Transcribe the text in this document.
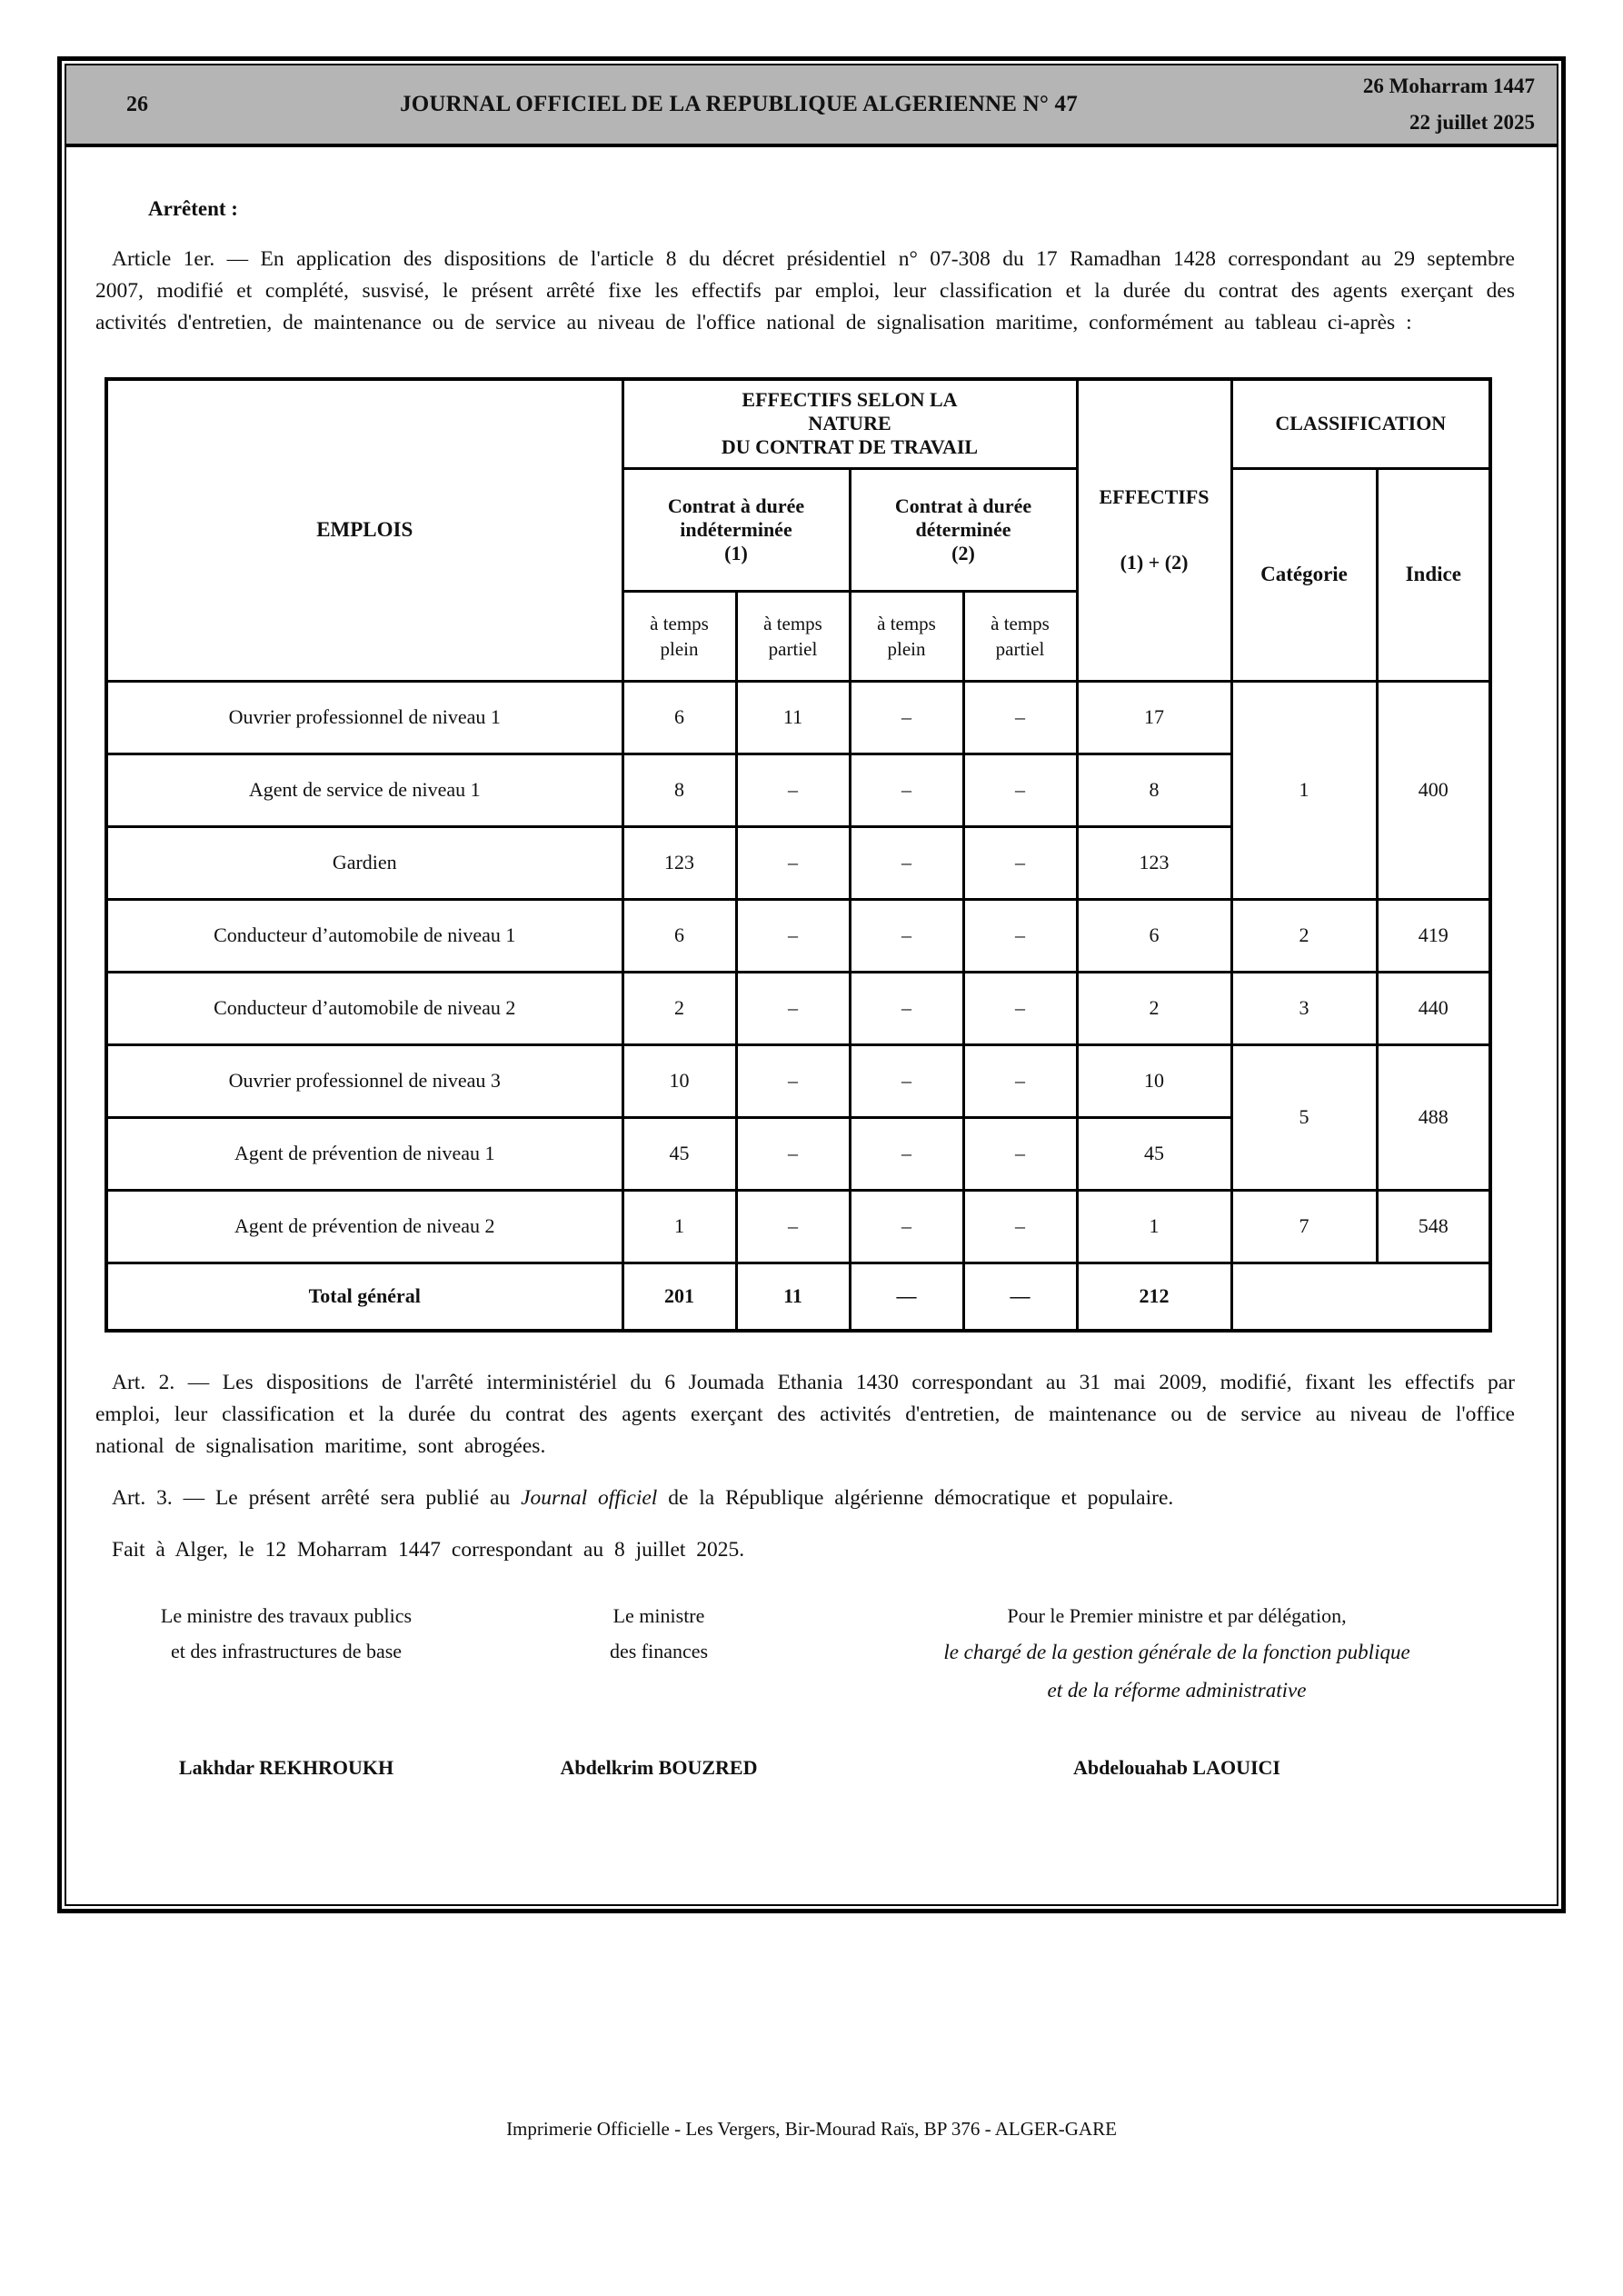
26	JOURNAL OFFICIEL DE LA REPUBLIQUE ALGERIENNE N° 47
26 Moharram 1447
22 juillet 2025

Arrêtent :

Article 1er. — En application des dispositions de l'article 8 du décret présidentiel n° 07-308 du 17 Ramadhan 1428 correspondant au 29 septembre 2007, modifié et complété, susvisé, le présent arrêté fixe les effectifs par emploi, leur classification et la durée du contrat des agents exerçant des activités d'entretien, de maintenance ou de service au niveau de l'office national de signalisation maritime, conformément au tableau ci-après :

EMPLOIS	
EFFECTIFS SELON LA NATURE
DU CONTRAT DE TRAVAIL

EFFECTIFS
(1) + (2)
	CLASSIFICATION

Contrat à durée indéterminée
(1)

Contrat à durée déterminée
(2)
	Catégorie	Indice

	à temps plein	à temps partiel	à temps plein	à temps partiel			

Ouvrier professionnel de niveau 1	6	11	–	–	17	1	400
Agent de service de niveau 1	8	–	–	–	8		
Gardien	123	–	–	–	123		
Conducteur d’automobile de niveau 1	6	–	–	–	6	2	419
Conducteur d’automobile de niveau 2	2	–	–	–	2	3	440
Ouvrier professionnel de niveau 3	10	–	–	–	10	5	488
Agent de prévention de niveau 1	45	–	–	–	45		
Agent de prévention de niveau 2	1	–	–	–	1	7	548
Total général	201	11	—	—	212		

Art. 2. — Les dispositions de l'arrêté interministériel du 6 Joumada Ethania 1430 correspondant au 31 mai 2009, modifié, fixant les effectifs par emploi, leur classification et la durée du contrat des agents exerçant des activités d'entretien, de maintenance ou de service au niveau de l'office national de signalisation maritime, sont abrogées.

Art. 3. — Le présent arrêté sera publié au Journal officiel de la République algérienne démocratique et populaire.

Fait à Alger, le 12 Moharram 1447 correspondant au 8 juillet 2025.

Le ministre des travaux publics
et des infrastructures de base
Lakhdar REKHROUKH
Le ministre
des finances
Abdelkrim BOUZRED
Pour le Premier ministre et par délégation,
le chargé de la gestion générale de la fonction publique
et de la réforme administrative
Abdelouahab LAOUICI
Imprimerie Officielle - Les Vergers, Bir-Mourad Raïs, BP 376 - ALGER-GARE
